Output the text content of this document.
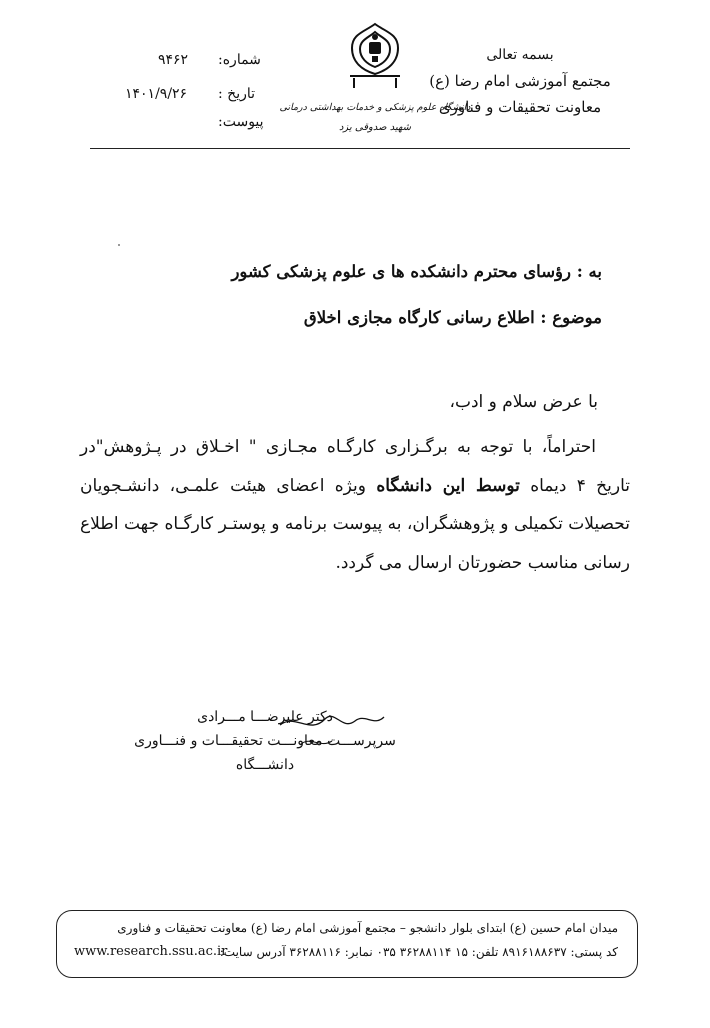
بسمه تعالی
مجتمع آموزشی امام رضا (ع)
معاونت تحقیقات و فناوری
دانشگاه علوم پزشکی و خدمات بهداشتی درمانی
شهید صدوقی یزد
شماره:
۹۴۶۲
تاریخ :
۱۴۰۱/۹/۲۶
پیوست:
به : رؤسای محترم دانشکده ها ی علوم پزشکی کشور
موضوع : اطلاع رسانی کارگاه مجازی اخلاق
با عرض سلام و ادب،
احتراماً، با توجه به برگـزاری کارگـاه مجـازی " اخـلاق در پـژوهش"در تاریخ ۴ دیماه توسط این دانشگاه ویژه اعضای هیئت علمـی، دانشـجویان تحصیلات تکمیلی و پژوهشگران، به پیوست برنامه و پوستـر کارگـاه جهت اطلاع رسانی مناسب حضورتان ارسال می گردد.
دکتر علیرضـــا مـــرادی
سرپرســـت معاونـــت تحقیقـــات و فنـــاوری
دانشـــگاه
میدان امام حسین (ع) ابتدای بلوار دانشجو – مجتمع آموزشی امام رضا (ع) معاونت تحقیقات و فناوری
کد پستی: ۸۹۱۶۱۸۸۶۳۷ تلفن: ۱۵ ۳۶۲۸۸۱۱۴ ۰۳۵ نمابر: ۳۶۲۸۸۱۱۶ آدرس سایت:
www.research.ssu.ac.ir
